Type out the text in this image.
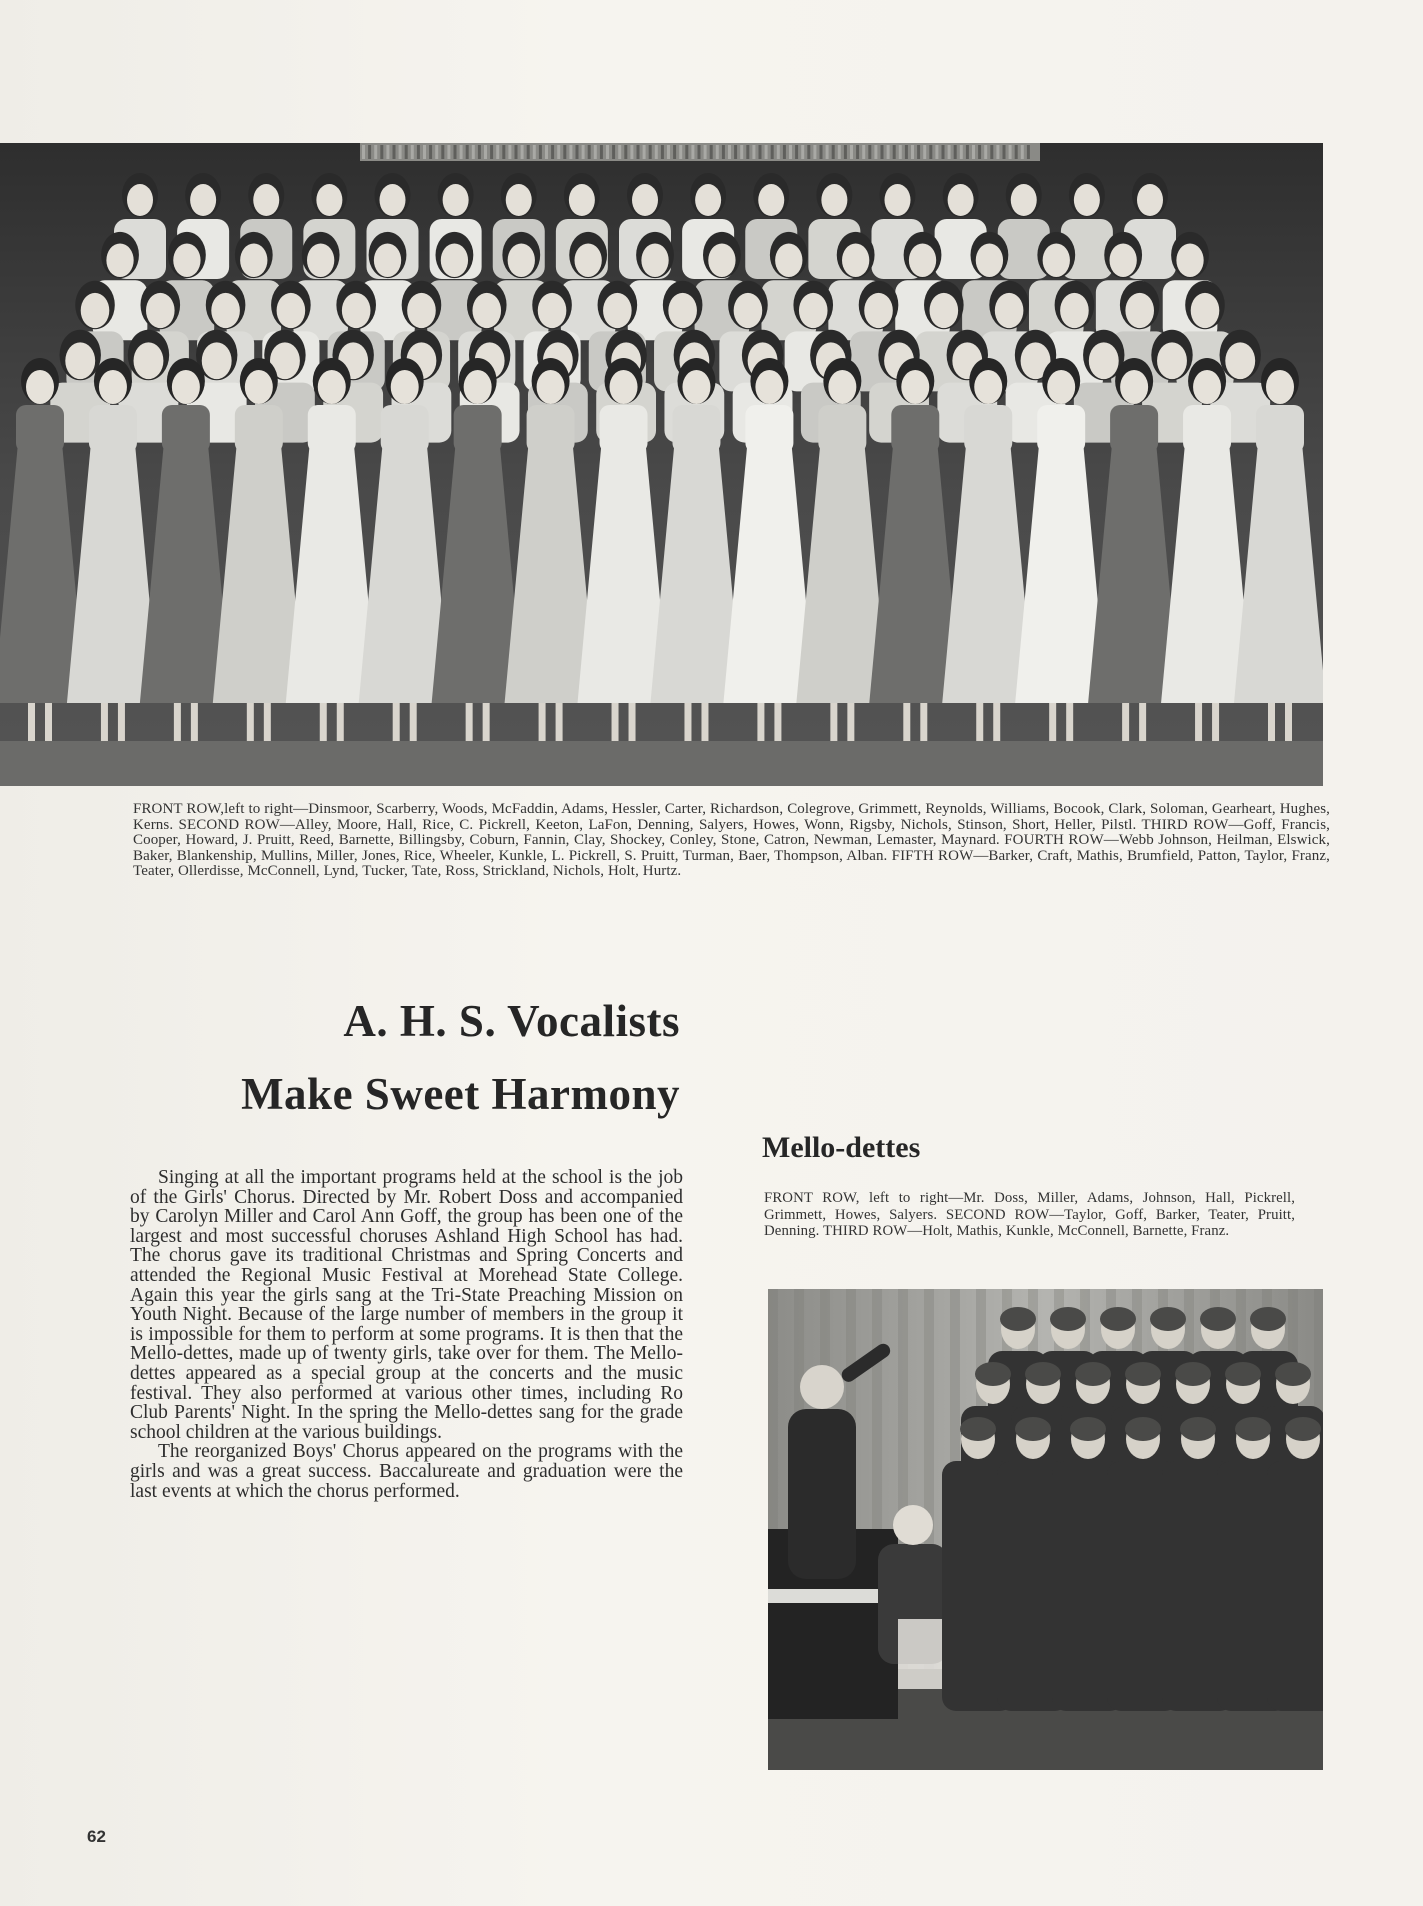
FRONT ROW,left to right—Dinsmoor, Scarberry, Woods, McFaddin, Adams, Hessler, Carter, Richardson, Colegrove, Grimmett, Reynolds, Williams, Bocook, Clark, Soloman, Gearheart, Hughes, Kerns. SECOND ROW—Alley, Moore, Hall, Rice, C. Pickrell, Keeton, LaFon, Denning, Salyers, Howes, Wonn, Rigsby, Nichols, Stinson, Short, Heller, Pilstl. THIRD ROW—Goff, Francis, Cooper, Howard, J. Pruitt, Reed, Barnette, Billingsby, Coburn, Fannin, Clay, Shockey, Conley, Stone, Catron, Newman, Lemaster, Maynard. FOURTH ROW—Webb Johnson, Heilman, Elswick, Baker, Blankenship, Mullins, Miller, Jones, Rice, Wheeler, Kunkle, L. Pickrell, S. Pruitt, Turman, Baer, Thompson, Alban. FIFTH ROW—Barker, Craft, Mathis, Brumfield, Patton, Taylor, Franz, Teater, Ollerdisse, McConnell, Lynd, Tucker, Tate, Ross, Strickland, Nichols, Holt, Hurtz.

A. H. S. Vocalists
Make Sweet Harmony

Singing at all the important programs held at the school is the job of the Girls' Chorus. Directed by Mr. Robert Doss and accompanied by Carolyn Miller and Carol Ann Goff, the group has been one of the largest and most successful choruses Ashland High School has had. The chorus gave its traditional Christmas and Spring Concerts and attended the Regional Music Festival at Morehead State College. Again this year the girls sang at the Tri-State Preaching Mission on Youth Night. Because of the large number of members in the group it is impossible for them to perform at some programs. It is then that the Mello-dettes, made up of twenty girls, take over for them. The Mello-dettes appeared as a special group at the concerts and the music festival. They also performed at various other times, including Ro Club Parents' Night. In the spring the Mello-dettes sang for the grade school children at the various buildings.

The reorganized Boys' Chorus appeared on the programs with the girls and was a great success. Baccalureate and graduation were the last events at which the chorus performed.

Mello-dettes

FRONT ROW, left to right—Mr. Doss, Miller, Adams, Johnson, Hall, Pickrell, Grimmett, Howes, Salyers. SECOND ROW—Taylor, Goff, Barker, Teater, Pruitt, Denning. THIRD ROW—Holt, Mathis, Kunkle, McConnell, Barnette, Franz.

62
